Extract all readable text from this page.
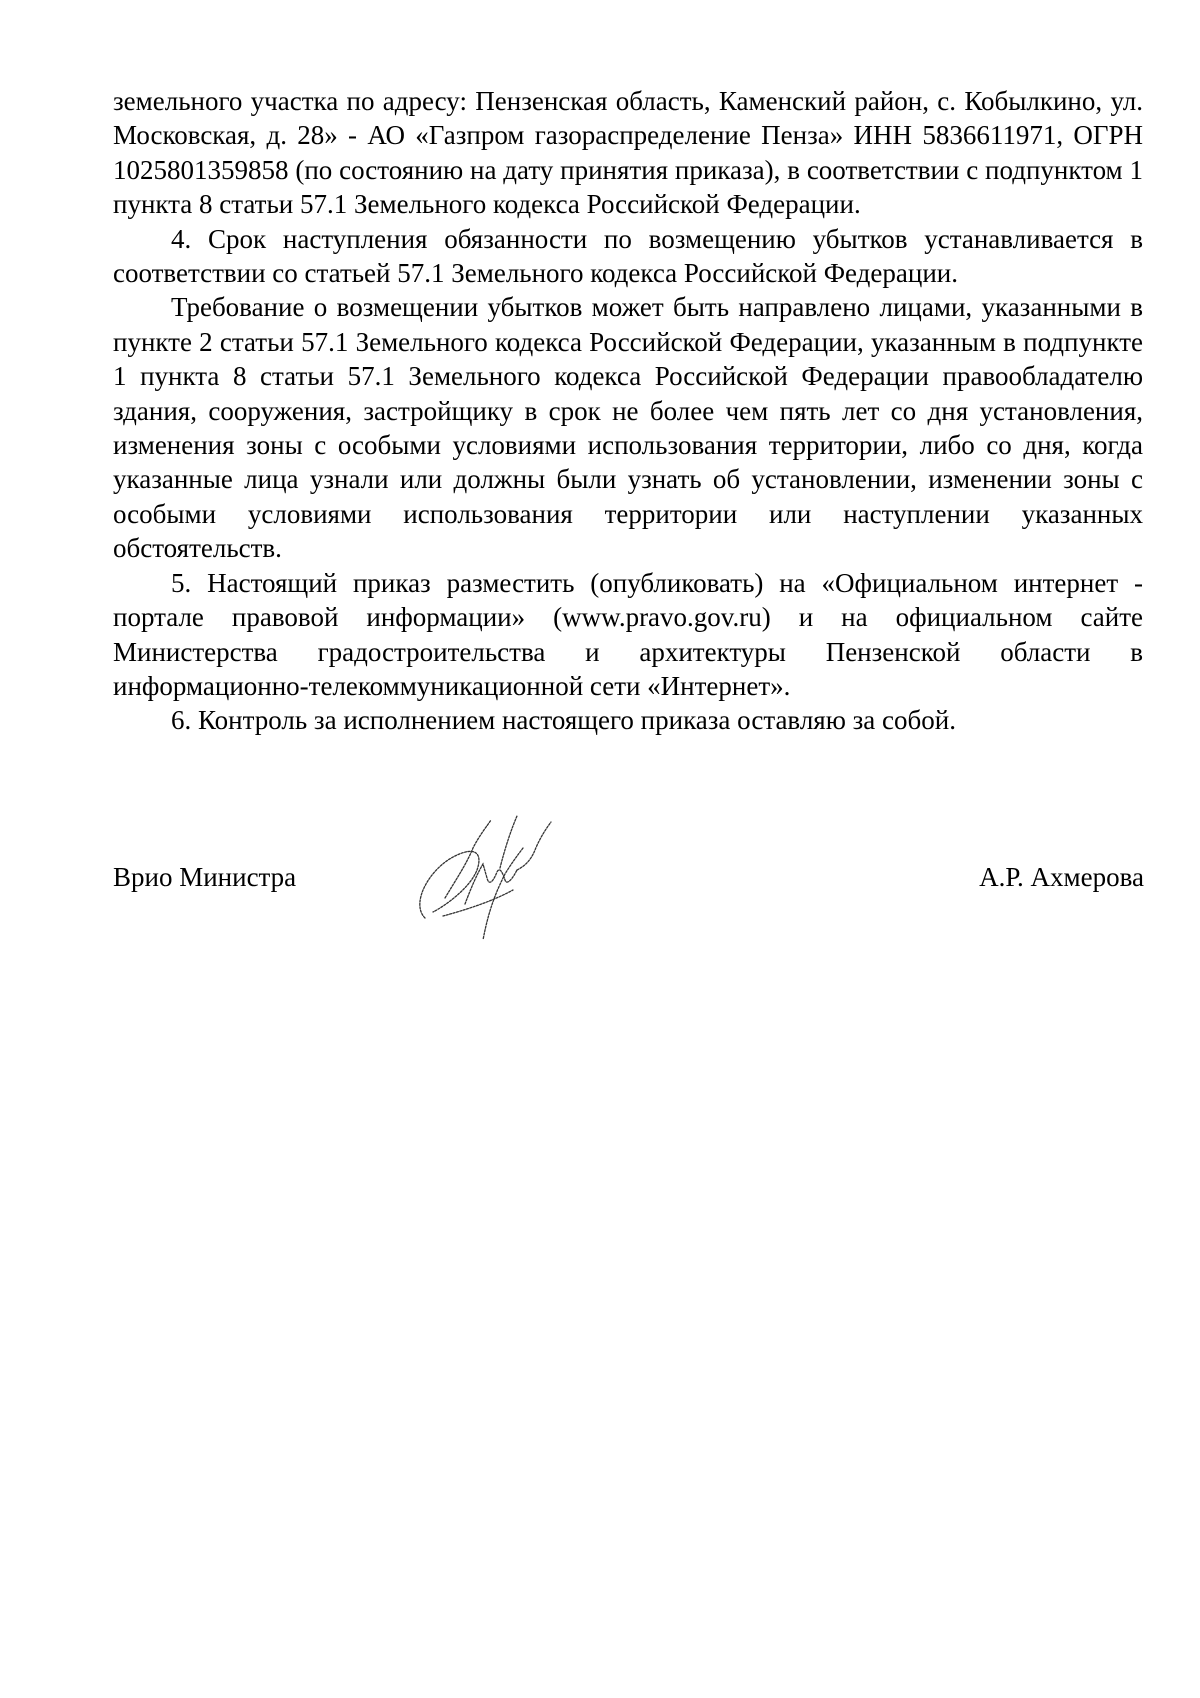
земельного участка по адресу: Пензенская область, Каменский район, с. Кобылкино, ул. Московская, д. 28» - АО «Газпром газораспределение Пенза» ИНН 5836611971, ОГРН 1025801359858 (по состоянию на дату принятия приказа), в соответствии с подпунктом 1 пункта 8 статьи 57.1 Земельного кодекса Российской Федерации.

4. Срок наступления обязанности по возмещению убытков устанавливается в соответствии со статьей 57.1 Земельного кодекса Российской Федерации.

Требование о возмещении убытков может быть направлено лицами, указанными в пункте 2 статьи 57.1 Земельного кодекса Российской Федерации, указанным в подпункте 1 пункта 8 статьи 57.1 Земельного кодекса Российской Федерации правообладателю здания, сооружения, застройщику в срок не более чем пять лет со дня установления, изменения зоны с особыми условиями использования территории, либо со дня, когда указанные лица узнали или должны были узнать об установлении, изменении зоны с особыми условиями использования территории или наступлении указанных обстоятельств.

5. Настоящий приказ разместить (опубликовать) на «Официальном интернет - портале правовой информации» (www.pravo.gov.ru) и на официальном сайте Министерства градостроительства и архитектуры Пензенской области в информационно-телекоммуникационной сети «Интернет».

6. Контроль за исполнением настоящего приказа оставляю за собой.

Врио Министра	А.Р. Ахмерова
